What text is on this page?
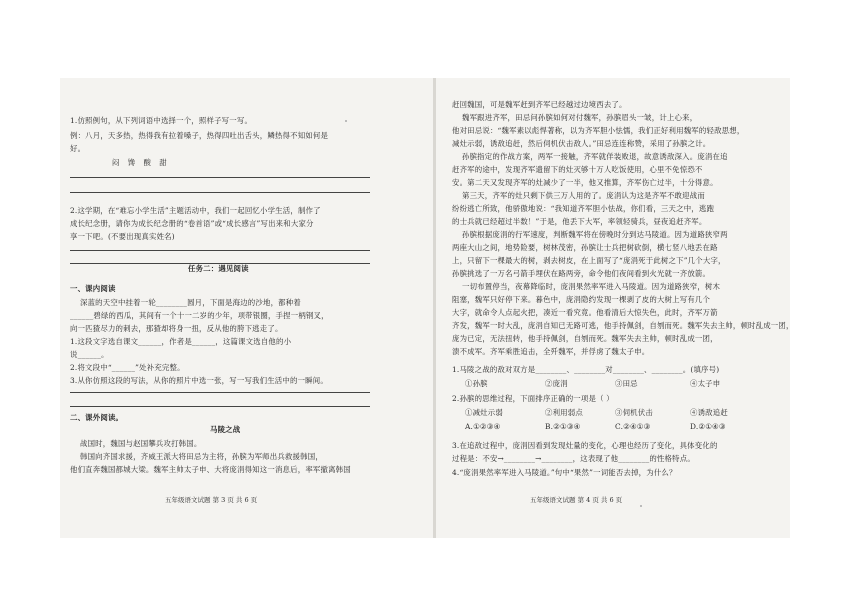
1.仿照例句，从下列词语中选择一个，照样子写一写。
例：八月，天多热，热得我有拉着嗓子，热得四吐出舌头，鳞热得不知如何是
好。
闷 馋 酸 甜
2.这学期，在“难忘小学生活”主题活动中，我们一起回忆小学生活，制作了
成长纪念册，请你为成长纪念册的“卷首语”或“成长感言”写出来和大家分
享一下吧。(不要出现真实姓名)
任务二：遇见阅读
一、课内阅读
深蓝的天空中挂着一轮________圆月，下面是海边的沙地，都种着
______碧绿的西瓜，其间有一个十一二岁的少年，项带银圈，手捏一柄钢叉，
向一匹猹尽力的刺去，那猹却将身一扭，反从他的胯下逃走了。
1.这段文字选自课文______，作者是______，这篇课文选自他的小
说______。
2.将文段中“______”处补充完整。
3.从你仿照这段的写法，从你的照片中选一张，写一写我们生活中的一瞬间。
二、课外阅读。
马陵之战
战国时，魏国与赵国攀兵攻打韩国。
韩国向齐国求援，齐威王派大将田忌为主将，孙膑为军师出兵救援韩国，
他们直奔魏国都城大梁。魏军主帅太子申、大将庞涓得知这一消息后，率军撤离韩国
五年级语文试题 第 3 页 共 6 页
赶回魏国，可是魏军赶到齐军已经越过边境西去了。
魏军跟进齐军，田忌问孙膑如何对付魏军，孙膑眉头一皱，计上心来，
他对田忌说：“魏军素以彪悍著称，以为齐军胆小怯懦，我们正好利用魏军的轻敌思想，
减灶示弱，诱敌追赶，然后伺机伏击敌人。”田忌连连称赞，采用了孙膑之计。
孙膑指定的作战方案，两军一接触，齐军就佯装败退，故意诱敌深入。庞涓在追
赶齐军的途中，发现齐军遗留下的灶灭够十万人吃饭使用，心里不免惊恐不
安。第二天又发现齐军的灶减少了一半，他又推算，齐军伤亡过半，十分得意。
第三天，齐军的灶只剩下供三万人用的了。庞涓认为这是齐军不敢迎战而
纷纷逃亡所致，他骄傲地说：“我知道齐军胆小怯战，你们看，三天之中，逃跑
的士兵就已经超过半数！”于是，他丢下大军，率领轻骑兵，昼夜追赶齐军。
孙膑根据庞涓的行军速度，判断魏军将在傍晚时分到达马陵道。因为道路狭窄两
两座大山之间，地势险要，树林茂密，孙膑让士兵把树砍倒，横七竖八地丢在路
上，只留下一棵最大的树，剥去树皮，在上面写了“庞涓死于此树之下”几个大字，
孙膑挑选了一万名弓箭手埋伏在路两旁，命令他们夜间看到火光就一齐放箭。
一切布置停当，夜幕降临时，庞涓果然率军进入马陵道。因为道路狭窄，树木
阻塞，魏军只好停下来。暮色中，庞涓隐约发现一棵剥了皮的大树上写有几个
大字，就命令人点起火把，凑近一看究竟。他看清后大惊失色，此时，齐军万箭
齐发，魏军一时大乱，庞涓自知已无路可逃，他手持佩剑，自刎而死。魏军失去主帅，顿时乱成一团，
庞为已定，无法扭转，他手持佩剑，自刎而死。魏军失去主帅，顿时乱成一团，
溃不成军。齐军乘胜追击，全歼魏军，并俘虏了魏太子申。
1.马陵之战的敌对双方是________、________对________、________。(填序号)
①孙膑	②庞涓	③田忌	④太子申
2.孙膑的思维过程，下面排序正确的一项是（ ）
①减灶示弱	②利用弱点	③伺机伏击	④诱敌追赶
A.①②③④	B.②①③④	C.②④①③	D.②①④③
3.在追敌过程中，庞涓因看到发现灶量的变化，心理也经历了变化，具体变化的
过程是：不安→________→________，这表现了他________的性格特点。
4.“庞涓果然率军进入马陵道。”句中“果然”一词能否去掉，为什么？
五年级语文试题 第 4 页 共 6 页
